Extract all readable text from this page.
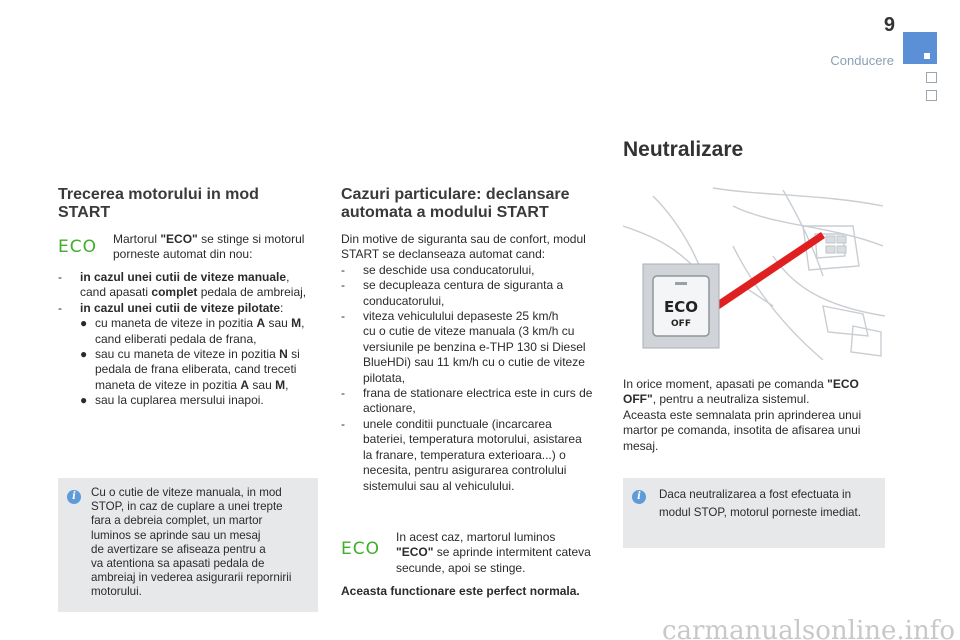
9
Conducere
Trecerea motorului in mod START
ECO Martorul "ECO" se stinge si motorul porneste automat din nou:
-	in cazul unei cutii de viteze manuale,
cand apasati complet pedala de ambreiaj,
-	in cazul unei cutii de viteze pilotate:
● cu maneta de viteze in pozitia A sau M,
cand eliberati pedala de frana,
● sau cu maneta de viteze in pozitia N si
pedala de frana eliberata, cand treceti
maneta de viteze in pozitia A sau M,
● sau la cuplarea mersului inapoi.
i	Cu o cutie de viteze manuala, in mod
STOP, in caz de cuplare a unei trepte
fara a debreia complet, un martor
luminos se aprinde sau un mesaj
de avertizare se afiseaza pentru a
va atentiona sa apasati pedala de
ambreiaj in vederea asigurarii repornirii
motorului.
Cazuri particulare: declansare automata a modului START
Din motive de siguranta sau de confort, modul
START se declanseaza automat cand:
-	se deschide usa conducatorului,
-	se decupleaza centura de siguranta a
conducatorului,
-	viteza vehiculului depaseste 25 km/h
cu o cutie de viteze manuala (3 km/h cu
versiunile pe benzina e-THP 130 si Diesel
BlueHDi) sau 11 km/h cu o cutie de viteze
pilotata,
-	frana de stationare electrica este in curs de
actionare,
-	unele conditii punctuale (incarcarea
bateriei, temperatura motorului, asistarea
la franare, temperatura exterioara...) o
necesita, pentru asigurarea controlului
sistemului sau al vehiculului.
ECO
In acest caz, martorul luminos
"ECO" se aprinde intermitent cateva
secunde, apoi se stinge.
Aceasta functionare este perfect normala.
Neutralizare
ECO
OFF
In orice moment, apasati pe comanda "ECO
OFF", pentru a neutraliza sistemul.
Aceasta este semnalata prin aprinderea unui
martor pe comanda, insotita de afisarea unui
mesaj.
i	Daca neutralizarea a fost efectuata in
modul STOP, motorul porneste imediat.
carmanualsonline.info
